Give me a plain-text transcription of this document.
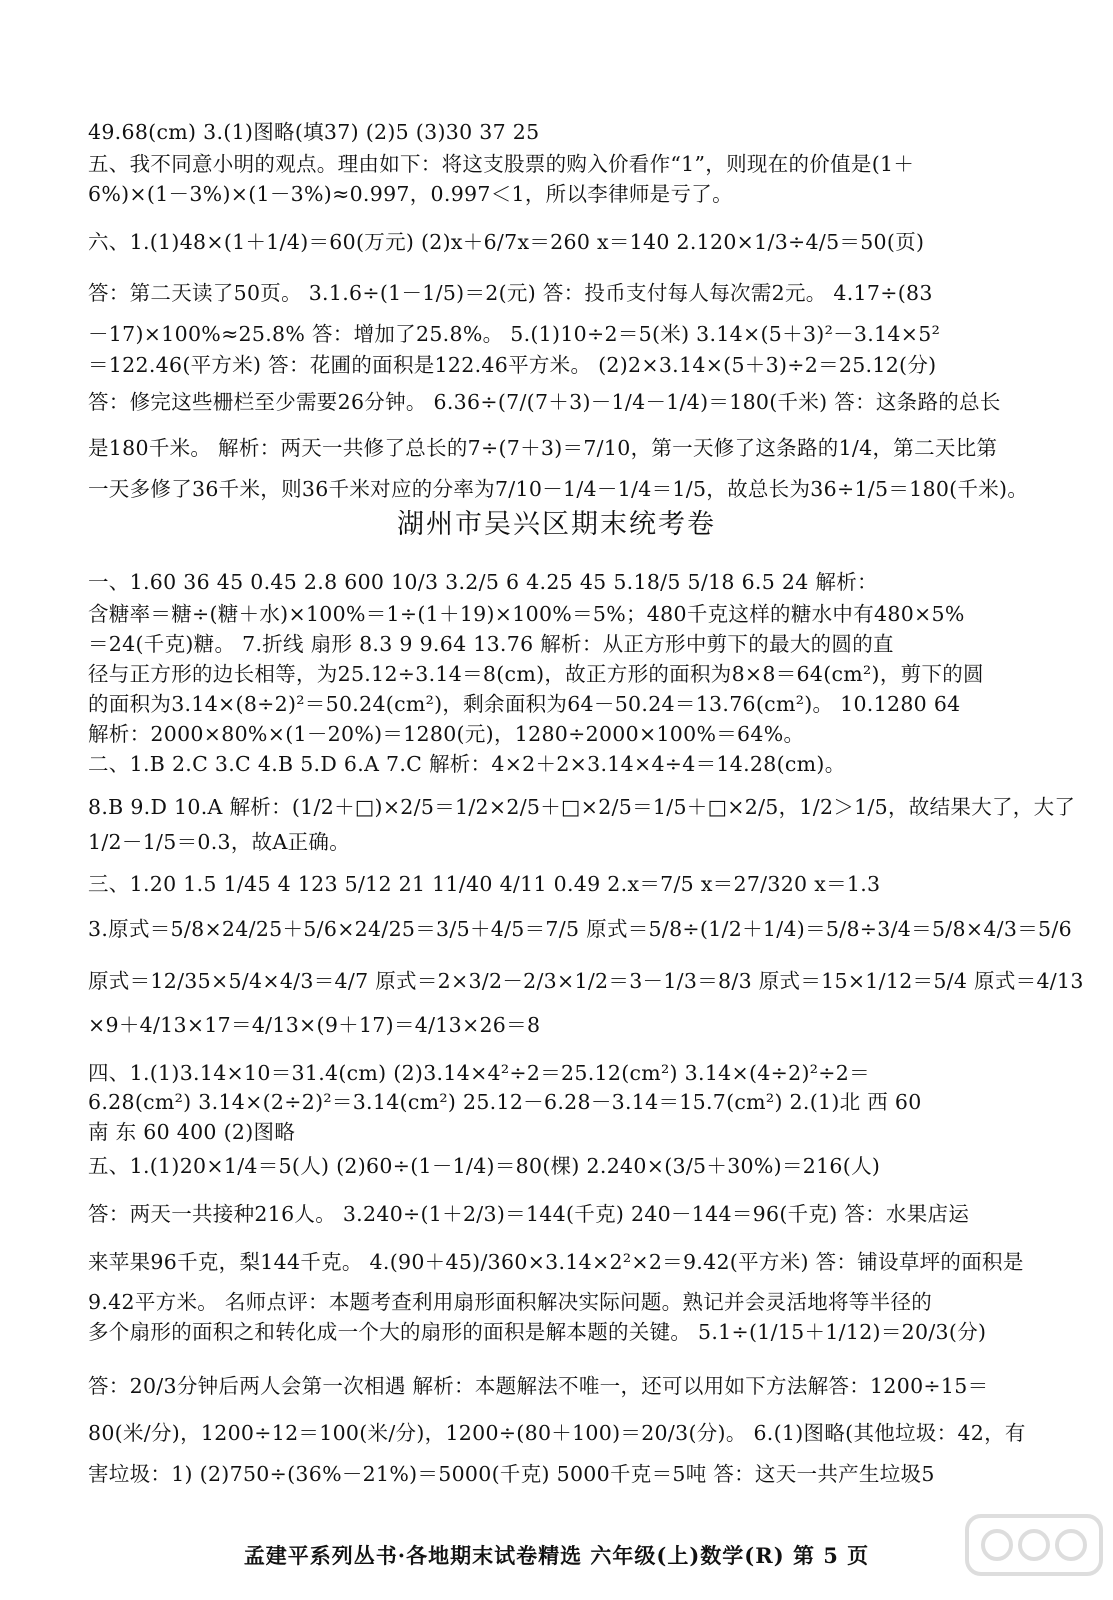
49.68(cm) 3.(1)图略(填37) (2)5 (3)30 37 25
五、我不同意小明的观点。理由如下：将这支股票的购入价看作“1”，则现在的价值是(1＋
6%)×(1－3%)×(1－3%)≈0.997，0.997＜1，所以李律师是亏了。
六、1.(1)48×(1＋1/4)＝60(万元) (2)x＋6/7x＝260 x＝140 2.120×1/3÷4/5＝50(页)
答：第二天读了50页。 3.1.6÷(1－1/5)＝2(元) 答：投币支付每人每次需2元。 4.17÷(83
－17)×100%≈25.8% 答：增加了25.8%。 5.(1)10÷2＝5(米) 3.14×(5＋3)²－3.14×5²
＝122.46(平方米) 答：花圃的面积是122.46平方米。 (2)2×3.14×(5＋3)÷2＝25.12(分)
答：修完这些栅栏至少需要26分钟。 6.36÷(7/(7＋3)－1/4－1/4)＝180(千米) 答：这条路的总长
是180千米。 解析：两天一共修了总长的7÷(7＋3)＝7/10，第一天修了这条路的1/4，第二天比第
一天多修了36千米，则36千米对应的分率为7/10－1/4－1/4＝1/5，故总长为36÷1/5＝180(千米)。
湖州市吴兴区期末统考卷
一、1.60 36 45 0.45 2.8 600 10/3 3.2/5 6 4.25 45 5.18/5 5/18 6.5 24 解析：
含糖率＝糖÷(糖＋水)×100%＝1÷(1＋19)×100%＝5%；480千克这样的糖水中有480×5%
＝24(千克)糖。 7.折线 扇形 8.3 9 9.64 13.76 解析：从正方形中剪下的最大的圆的直
径与正方形的边长相等，为25.12÷3.14＝8(cm)，故正方形的面积为8×8＝64(cm²)，剪下的圆
的面积为3.14×(8÷2)²＝50.24(cm²)，剩余面积为64－50.24＝13.76(cm²)。 10.1280 64
解析：2000×80%×(1－20%)＝1280(元)，1280÷2000×100%＝64%。
二、1.B 2.C 3.C 4.B 5.D 6.A 7.C 解析：4×2＋2×3.14×4÷4＝14.28(cm)。
8.B 9.D 10.A 解析：(1/2＋□)×2/5＝1/2×2/5＋□×2/5＝1/5＋□×2/5，1/2＞1/5，故结果大了，大了
1/2－1/5＝0.3，故A正确。
三、1.20 1.5 1/45 4 123 5/12 21 11/40 4/11 0.49 2.x＝7/5 x＝27/320 x＝1.3
3.原式＝5/8×24/25＋5/6×24/25＝3/5＋4/5＝7/5 原式＝5/8÷(1/2＋1/4)＝5/8÷3/4＝5/8×4/3＝5/6
原式＝12/35×5/4×4/3＝4/7 原式＝2×3/2－2/3×1/2＝3－1/3＝8/3 原式＝15×1/12＝5/4 原式＝4/13
×9＋4/13×17＝4/13×(9＋17)＝4/13×26＝8
四、1.(1)3.14×10＝31.4(cm) (2)3.14×4²÷2＝25.12(cm²) 3.14×(4÷2)²÷2＝
6.28(cm²) 3.14×(2÷2)²＝3.14(cm²) 25.12－6.28－3.14＝15.7(cm²) 2.(1)北 西 60
南 东 60 400 (2)图略
五、1.(1)20×1/4＝5(人) (2)60÷(1－1/4)＝80(棵) 2.240×(3/5＋30%)＝216(人)
答：两天一共接种216人。 3.240÷(1＋2/3)＝144(千克) 240－144＝96(千克) 答：水果店运
来苹果96千克，梨144千克。 4.(90＋45)/360×3.14×2²×2＝9.42(平方米) 答：铺设草坪的面积是
9.42平方米。 名师点评：本题考查利用扇形面积解决实际问题。熟记并会灵活地将等半径的
多个扇形的面积之和转化成一个大的扇形的面积是解本题的关键。 5.1÷(1/15＋1/12)＝20/3(分)
答：20/3分钟后两人会第一次相遇 解析：本题解法不唯一，还可以用如下方法解答：1200÷15＝
80(米/分)，1200÷12＝100(米/分)，1200÷(80＋100)＝20/3(分)。 6.(1)图略(其他垃圾：42，有
害垃圾：1) (2)750÷(36%－21%)＝5000(千克) 5000千克＝5吨 答：这天一共产生垃圾5
孟建平系列丛书·各地期末试卷精选 六年级(上)数学(R) 第 5 页
